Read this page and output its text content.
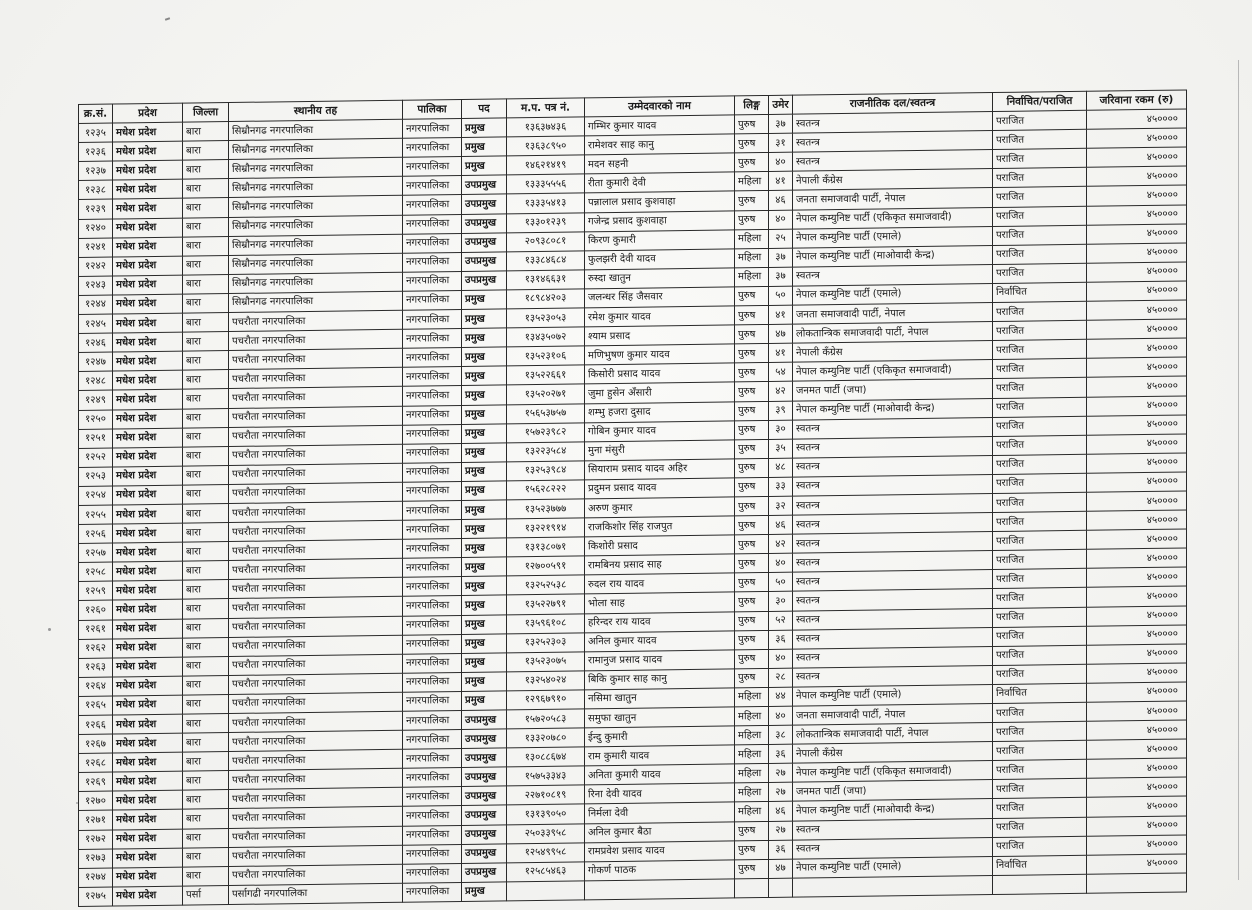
क्र.सं.	प्रदेश	जिल्ला	स्थानीय तह	पालिका	पद	म.प. पत्र नं.	उम्मेदवारको नाम	लिङ्ग	उमेर	राजनीतिक दल/स्वतन्त्र	निर्वाचित/पराजित	जरिवाना रकम (रु)
१२३५	मधेश प्रदेश	बारा	सिम्रौनगढ नगरपालिका	नगरपालिका	प्रमुख	१३६३७४३६	गम्भिर कुमार यादव	पुरुष	३७	स्वतन्त्र	पराजित	४५००००
१२३६	मधेश प्रदेश	बारा	सिम्रौनगढ नगरपालिका	नगरपालिका	प्रमुख	१३६३८९५०	रामेशवर साह कानु	पुरुष	३१	स्वतन्त्र	पराजित	४५००००
१२३७	मधेश प्रदेश	बारा	सिम्रौनगढ नगरपालिका	नगरपालिका	प्रमुख	१४६२१४१९	मदन सहनी	पुरुष	४०	स्वतन्त्र	पराजित	४५००००
१२३८	मधेश प्रदेश	बारा	सिम्रौनगढ नगरपालिका	नगरपालिका	उपप्रमुख	१३३३५५५६	रीता कुमारी देवी	महिला	४१	नेपाली कँग्रेस	पराजित	४५००००
१२३९	मधेश प्रदेश	बारा	सिम्रौनगढ नगरपालिका	नगरपालिका	उपप्रमुख	१३३३५४१३	पन्नालाल प्रसाद कुशवाहा	पुरुष	४६	जनता समाजवादी पार्टी, नेपाल	पराजित	४५००००
१२४०	मधेश प्रदेश	बारा	सिम्रौनगढ नगरपालिका	नगरपालिका	उपप्रमुख	१३३०१२३९	गजेन्द्र प्रसाद कुशवाहा	पुरुष	४०	नेपाल कम्युनिष्ट पार्टी (एकिकृत समाजवादी)	पराजित	४५००००
१२४१	मधेश प्रदेश	बारा	सिम्रौनगढ नगरपालिका	नगरपालिका	उपप्रमुख	२०९३८०८१	किरण कुमारी	महिला	२५	नेपाल कम्युनिष्ट पार्टी (एमाले)	पराजित	४५००००
१२४२	मधेश प्रदेश	बारा	सिम्रौनगढ नगरपालिका	नगरपालिका	उपप्रमुख	१३३८४६८४	फुलझरी देवी यादव	महिला	३७	नेपाल कम्युनिष्ट पार्टी (माओवादी केन्द्र)	पराजित	४५००००
१२४३	मधेश प्रदेश	बारा	सिम्रौनगढ नगरपालिका	नगरपालिका	उपप्रमुख	१३१४६६३१	रुस्दा खातुन	महिला	३७	स्वतन्त्र	पराजित	४५००००
१२४४	मधेश प्रदेश	बारा	सिम्रौनगढ नगरपालिका	नगरपालिका	प्रमुख	१८९८४२०३	जलन्धर सिंह जैसवार	पुरुष	५०	नेपाल कम्युनिष्ट पार्टी (एमाले)	निर्वाचित	४५००००
१२४५	मधेश प्रदेश	बारा	पचरौता नगरपालिका	नगरपालिका	प्रमुख	१३५२३०५३	रमेश कुमार यादव	पुरुष	४१	जनता समाजवादी पार्टी, नेपाल	पराजित	४५००००
१२४६	मधेश प्रदेश	बारा	पचरौता नगरपालिका	नगरपालिका	प्रमुख	१३४३५०७२	श्याम प्रसाद	पुरुष	४७	लोकतान्त्रिक समाजवादी पार्टी, नेपाल	पराजित	४५००००
१२४७	मधेश प्रदेश	बारा	पचरौता नगरपालिका	नगरपालिका	प्रमुख	१३५२३१०६	मणिभुषण कुमार यादव	पुरुष	४१	नेपाली कँग्रेस	पराजित	४५००००
१२४८	मधेश प्रदेश	बारा	पचरौता नगरपालिका	नगरपालिका	प्रमुख	१३५२२६६१	किसोरी प्रसाद यादव	पुरुष	५४	नेपाल कम्युनिष्ट पार्टी (एकिकृत समाजवादी)	पराजित	४५००००
१२४९	मधेश प्रदेश	बारा	पचरौता नगरपालिका	नगरपालिका	प्रमुख	१३५२०२७१	जुमा हुसेन अँसारी	पुरुष	४२	जनमत पार्टी (जपा)	पराजित	४५००००
१२५०	मधेश प्रदेश	बारा	पचरौता नगरपालिका	नगरपालिका	प्रमुख	१५६५३७५७	शम्भु हजरा दुसाद	पुरुष	३९	नेपाल कम्युनिष्ट पार्टी (माओवादी केन्द्र)	पराजित	४५००००
१२५१	मधेश प्रदेश	बारा	पचरौता नगरपालिका	नगरपालिका	प्रमुख	१५७२३९८२	गोबिन कुमार यादव	पुरुष	३०	स्वतन्त्र	पराजित	४५००००
१२५२	मधेश प्रदेश	बारा	पचरौता नगरपालिका	नगरपालिका	प्रमुख	१३२२३५८४	मुना मंसुरी	पुरुष	३५	स्वतन्त्र	पराजित	४५००००
१२५३	मधेश प्रदेश	बारा	पचरौता नगरपालिका	नगरपालिका	प्रमुख	१३२५३९८४	सियाराम प्रसाद यादव अहिर	पुरुष	४८	स्वतन्त्र	पराजित	४५००००
१२५४	मधेश प्रदेश	बारा	पचरौता नगरपालिका	नगरपालिका	प्रमुख	१५६२८२२२	प्रदुमन प्रसाद यादव	पुरुष	३३	स्वतन्त्र	पराजित	४५००००
१२५५	मधेश प्रदेश	बारा	पचरौता नगरपालिका	नगरपालिका	प्रमुख	१३५२३७७७	अरुण कुमार	पुरुष	३२	स्वतन्त्र	पराजित	४५००००
१२५६	मधेश प्रदेश	बारा	पचरौता नगरपालिका	नगरपालिका	प्रमुख	१३२२१९१४	राजकिशोर सिंह राजपुत	पुरुष	४६	स्वतन्त्र	पराजित	४५००००
१२५७	मधेश प्रदेश	बारा	पचरौता नगरपालिका	नगरपालिका	प्रमुख	१३१३८०७१	किशोरी प्रसाद	पुरुष	४२	स्वतन्त्र	पराजित	४५००००
१२५८	मधेश प्रदेश	बारा	पचरौता नगरपालिका	नगरपालिका	प्रमुख	१२७००५९१	रामबिनय प्रसाद साह	पुरुष	४०	स्वतन्त्र	पराजित	४५००००
१२५९	मधेश प्रदेश	बारा	पचरौता नगरपालिका	नगरपालिका	प्रमुख	१३२५२५३८	रुदल राय यादव	पुरुष	५०	स्वतन्त्र	पराजित	४५००००
१२६०	मधेश प्रदेश	बारा	पचरौता नगरपालिका	नगरपालिका	प्रमुख	१३५२२७९१	भोला साह	पुरुष	३०	स्वतन्त्र	पराजित	४५००००
१२६१	मधेश प्रदेश	बारा	पचरौता नगरपालिका	नगरपालिका	प्रमुख	१३५९६१०८	हरिन्दर राय यादव	पुरुष	५२	स्वतन्त्र	पराजित	४५००००
१२६२	मधेश प्रदेश	बारा	पचरौता नगरपालिका	नगरपालिका	प्रमुख	१३२५२३०३	अनिल कुमार यादव	पुरुष	३६	स्वतन्त्र	पराजित	४५००००
१२६३	मधेश प्रदेश	बारा	पचरौता नगरपालिका	नगरपालिका	प्रमुख	१३५२३०७५	रामानुज प्रसाद यादव	पुरुष	४०	स्वतन्त्र	पराजित	४५००००
१२६४	मधेश प्रदेश	बारा	पचरौता नगरपालिका	नगरपालिका	प्रमुख	१३२५४०२४	बिकि कुमार साह कानु	पुरुष	२८	स्वतन्त्र	पराजित	४५००००
१२६५	मधेश प्रदेश	बारा	पचरौता नगरपालिका	नगरपालिका	प्रमुख	१२९६७९१०	नसिमा खातुन	महिला	४४	नेपाल कम्युनिष्ट पार्टी (एमाले)	निर्वाचित	४५००००
१२६६	मधेश प्रदेश	बारा	पचरौता नगरपालिका	नगरपालिका	उपप्रमुख	१५७२०५८३	समुफा खातुन	महिला	४०	जनता समाजवादी पार्टी, नेपाल	पराजित	४५००००
१२६७	मधेश प्रदेश	बारा	पचरौता नगरपालिका	नगरपालिका	उपप्रमुख	१३३२०७८०	ईन्दु कुमारी	महिला	३८	लोकतान्त्रिक समाजवादी पार्टी, नेपाल	पराजित	४५००००
१२६८	मधेश प्रदेश	बारा	पचरौता नगरपालिका	नगरपालिका	उपप्रमुख	१३०८८६७४	राम कुमारी यादव	महिला	३६	नेपाली कँग्रेस	पराजित	४५००००
१२६९	मधेश प्रदेश	बारा	पचरौता नगरपालिका	नगरपालिका	उपप्रमुख	१५७५३३४३	अनिता कुमारी यादव	महिला	२७	नेपाल कम्युनिष्ट पार्टी (एकिकृत समाजवादी)	पराजित	४५००००
१२७०	मधेश प्रदेश	बारा	पचरौता नगरपालिका	नगरपालिका	उपप्रमुख	२२७१०८१९	रिना देवी यादव	महिला	२७	जनमत पार्टी (जपा)	पराजित	४५००००
१२७१	मधेश प्रदेश	बारा	पचरौता नगरपालिका	नगरपालिका	उपप्रमुख	१३१३९०५०	निर्मला देवी	महिला	४६	नेपाल कम्युनिष्ट पार्टी (माओवादी केन्द्र)	पराजित	४५००००
१२७२	मधेश प्रदेश	बारा	पचरौता नगरपालिका	नगरपालिका	उपप्रमुख	२५०३३९५८	अनिल कुमार बैठा	पुरुष	२७	स्वतन्त्र	पराजित	४५००००
१२७३	मधेश प्रदेश	बारा	पचरौता नगरपालिका	नगरपालिका	उपप्रमुख	१२५४९९५८	रामप्रवेश प्रसाद यादव	पुरुष	३६	स्वतन्त्र	पराजित	४५००००
१२७४	मधेश प्रदेश	बारा	पचरौता नगरपालिका	नगरपालिका	उपप्रमुख	१२५८५४६३	गोकर्ण पाठक	पुरुष	४७	नेपाल कम्युनिष्ट पार्टी (एमाले)	निर्वाचित	४५००००
१२७५	मधेश प्रदेश	पर्सा	पर्सागढी नगरपालिका	नगरपालिका	प्रमुख							
